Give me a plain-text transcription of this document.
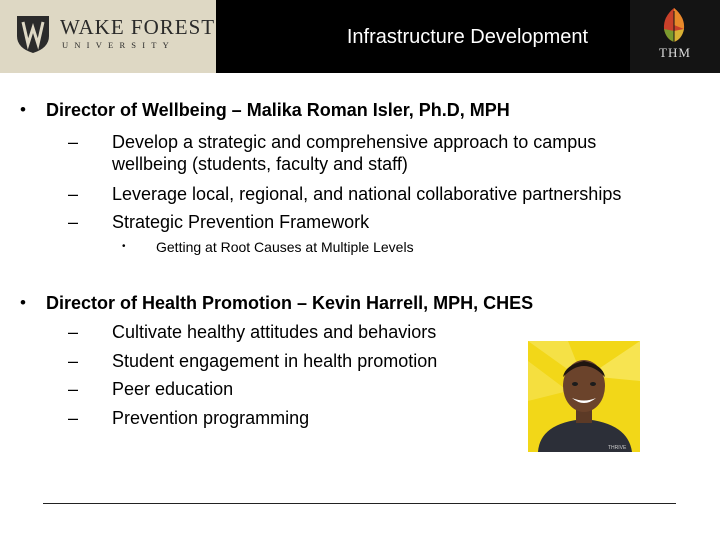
WAKE FOREST
UNIVERSITY	Infrastructure Development
THM
• Director of Wellbeing – Malika Roman Isler, Ph.D, MPH
– Develop a strategic and comprehensive approach to campus
wellbeing (students, faculty and staff)
– Leverage local, regional, and national collaborative partnerships
– Strategic Prevention Framework
• Getting at Root Causes at Multiple Levels
• Director of Health Promotion – Kevin Harrell, MPH, CHES
– Cultivate healthy attitudes and behaviors
– Student engagement in health promotion
– Peer education
– Prevention programming
THRIVE
